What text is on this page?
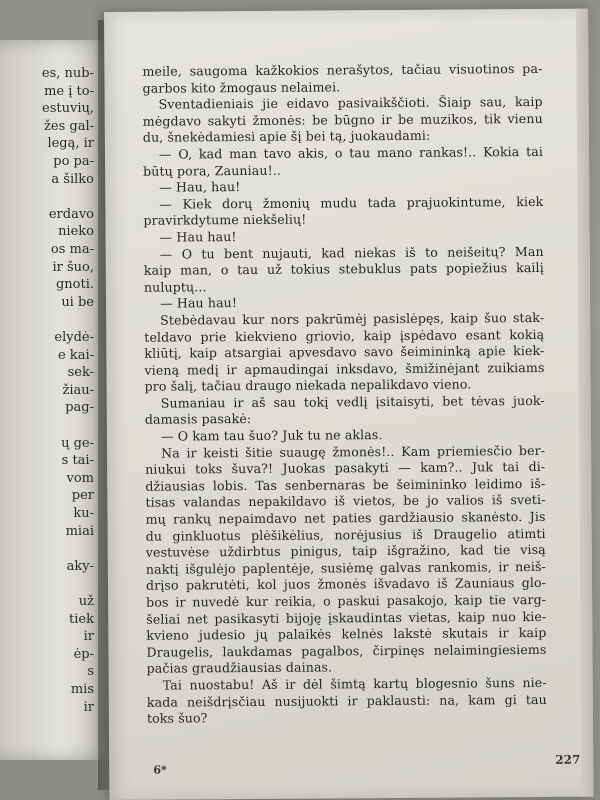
es, nub-
me į to-
estuvių,
žes gal-
legą, ir
po pa-
a šilko
erdavo
nieko
os ma-
ir šuo,
gnoti.
ui be
elydė-
e kai-
sek-
žiau-
pag-
ų ge-
s tai-
vom
per
ku-
miai
aky-
už
tiek
ir
ėp-
s
mis
ir
meile, saugoma kažkokios nerašytos, tačiau visuotinos pa-
garbos kito žmogaus nelaimei.
Sventadieniais jie eidavo pasivaikščioti. Šiaip sau, kaip
mėgdavo sakyti žmonės: be būgno ir be muzikos, tik vienu
du, šnekėdamiesi apie šį bei tą, juokaudami:
— O, kad man tavo akis, o tau mano rankas!.. Kokia tai
būtų pora, Zauniau!..
— Hau, hau!
— Kiek dorų žmonių mudu tada prajuokintume, kiek
pravirkdytume niekšelių!
— Hau hau!
— O tu bent nujauti, kad niekas iš to neišeitų? Man
kaip man, o tau už tokius stebuklus pats popiežius kailį
nuluptų...
— Hau hau!
Stebėdavau kur nors pakrūmėj pasislėpęs, kaip šuo stak-
teldavo prie kiekvieno griovio, kaip įspėdavo esant kokią
kliūtį, kaip atsargiai apvesdavo savo šeimininką apie kiek-
vieną medį ir apmaudingai inksdavo, šmižinėjant zuikiams
pro šalį, tačiau draugo niekada nepalikdavo vieno.
Sumaniau ir aš sau tokį vedlį įsitaisyti, bet tėvas juok-
damasis pasakė:
— O kam tau šuo? Juk tu ne aklas.
Na ir keisti šitie suaugę žmonės!.. Kam priemiesčio ber-
niukui toks šuva?! Juokas pasakyti — kam?.. Juk tai di-
džiausias lobis. Tas senbernaras be šeimininko leidimo iš-
tisas valandas nepakildavo iš vietos, be jo valios iš sveti-
mų rankų nepaimdavo net paties gardžiausio skanėsto. Jis
du ginkluotus plėšikėlius, norėjusius iš Draugelio atimti
vestuvėse uždirbtus pinigus, taip išgražino, kad tie visą
naktį išgulėjo paplentėje, susiėmę galvas rankomis, ir neiš-
drįso pakrutėti, kol juos žmonės išvadavo iš Zauniaus glo-
bos ir nuvedė kur reikia, o paskui pasakojo, kaip tie varg-
šeliai net pasikasyti bijoję įskaudintas vietas, kaip nuo kie-
kvieno judesio jų palaikės kelnės lakstė skutais ir kaip
Draugelis, laukdamas pagalbos, čirpinęs nelaimingiesiems
pačias graudžiausias dainas.
Tai nuostabu! Aš ir dėl šimtą kartų blogesnio šuns nie-
kada neišdrįsčiau nusijuokti ir paklausti: na, kam gi tau
toks šuo?
6*
227
